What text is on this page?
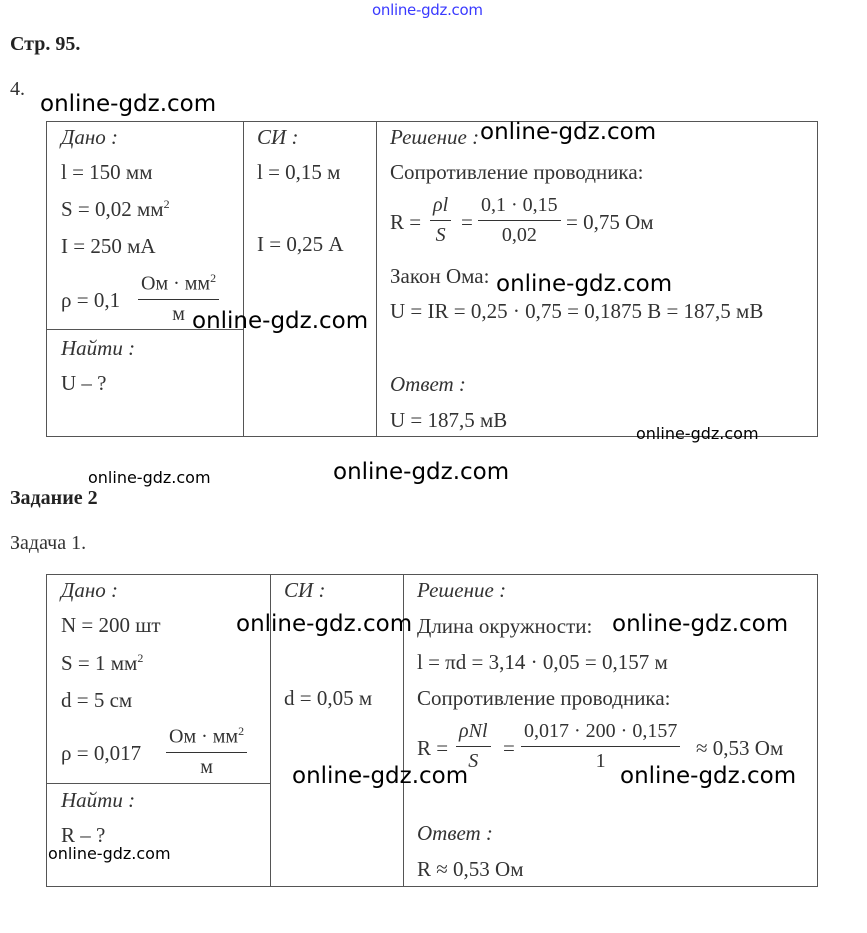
online-gdz.com
Стр. 95.
4.
Дано :
l = 150 мм
S = 0,02 $мм^2$
I = 250 мА
ρ = 0,1
Ом · $мм^2$
м
Найти :
U – ?
СИ :
l = 0,15 м
I = 0,25 А
Решение :
Сопротивление проводника:
R =
ρl
S
=
0,1 · 0,15
0,02
= 0,75 Ом
Закон Ома:
U = IR = 0,25 · 0,75 = 0,1875 В = 187,5 мВ
Ответ :
U = 187,5 мВ
Задание 2
Задача 1.
Дано :
N = 200 шт
S = 1 $мм^2$
d = 5 см
ρ = 0,017
Ом · $мм^2$
м
Найти :
R – ?
СИ :
d = 0,05 м
Решение :
Длина окружности:
l = πd = 3,14 · 0,05 = 0,157 м
Сопротивление проводника:
R =
ρNl
S
=
0,017 · 200 · 0,157
1
≈ 0,53 Ом
Ответ :
R ≈ 0,53 Ом
online-gdz.com
online-gdz.com
online-gdz.com
online-gdz.com
online-gdz.com
online-gdz.com
online-gdz.com
online-gdz.com	online-gdz.com
online-gdz.com	online-gdz.com
online-gdz.com
